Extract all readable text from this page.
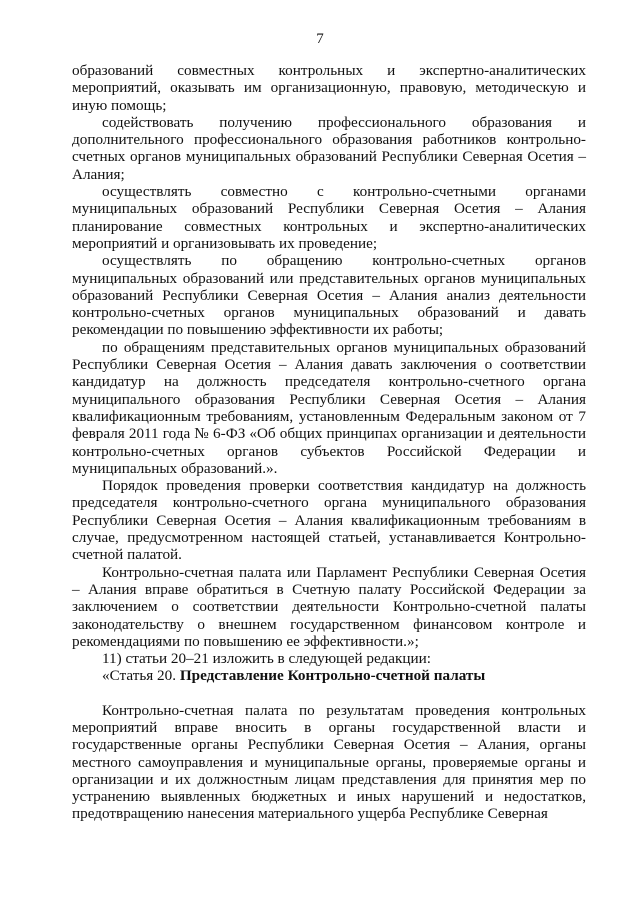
7

образований совместных контрольных и экспертно-аналитических мероприятий, оказывать им организационную, правовую, методическую и иную помощь;

содействовать получению профессионального образования и дополнительного профессионального образования работников контрольно-счетных органов муниципальных образований Республики Северная Осетия – Алания;

осуществлять совместно с контрольно-счетными органами муниципальных образований Республики Северная Осетия – Алания планирование совместных контрольных и экспертно-аналитических мероприятий и организовывать их проведение;

осуществлять по обращению контрольно-счетных органов муниципальных образований или представительных органов муниципальных образований Республики Северная Осетия – Алания анализ деятельности контрольно-счетных органов муниципальных образований и давать рекомендации по повышению эффективности их работы;

по обращениям представительных органов муниципальных образований Республики Северная Осетия – Алания давать заключения о соответствии кандидатур на должность председателя контрольно-счетного органа муниципального образования Республики Северная Осетия – Алания квалификационным требованиям, установленным Федеральным законом от 7 февраля 2011 года № 6-ФЗ «Об общих принципах организации и деятельности контрольно-счетных органов субъектов Российской Федерации и муниципальных образований.».

Порядок проведения проверки соответствия кандидатур на должность председателя контрольно-счетного органа муниципального образования Республики Северная Осетия – Алания квалификационным требованиям в случае, предусмотренном настоящей статьей, устанавливается Контрольно-счетной палатой.

Контрольно-счетная палата или Парламент Республики Северная Осетия – Алания вправе обратиться в Счетную палату Российской Федерации за заключением о соответствии деятельности Контрольно-счетной палаты законодательству о внешнем государственном финансовом контроле и рекомендациями по повышению ее эффективности.»;

11) статьи 20–21 изложить в следующей редакции:

«Статья 20. Представление Контрольно-счетной палаты

Контрольно-счетная палата по результатам проведения контрольных мероприятий вправе вносить в органы государственной власти и государственные органы Республики Северная Осетия – Алания, органы местного самоуправления и муниципальные органы, проверяемые органы и организации и их должностным лицам представления для принятия мер по устранению выявленных бюджетных и иных нарушений и недостатков, предотвращению нанесения материального ущерба Республике Северная
